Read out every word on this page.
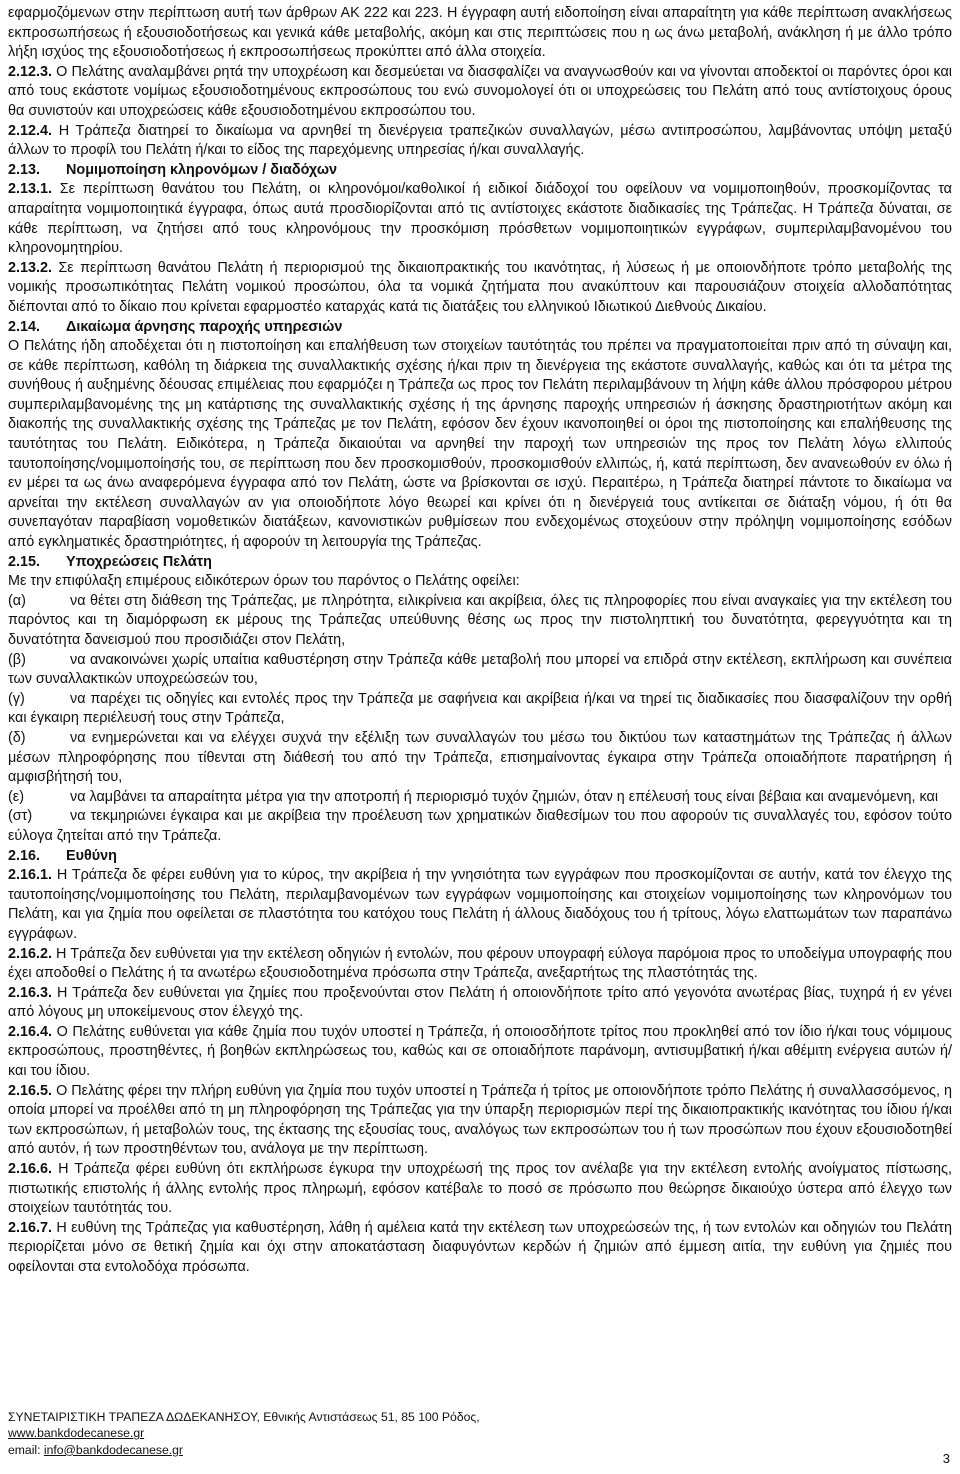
εφαρμοζόμενων στην περίπτωση αυτή των άρθρων ΑΚ 222 και 223. Η έγγραφη αυτή ειδοποίηση είναι απαραίτητη για κάθε περίπτωση ανακλήσεως εκπροσωπήσεως ή εξουσιοδοτήσεως και γενικά κάθε μεταβολής, ακόμη και στις περιπτώσεις που η ως άνω μεταβολή, ανάκληση ή με άλλο τρόπο λήξη ισχύος της εξουσιοδοτήσεως ή εκπροσωπήσεως προκύπτει από άλλα στοιχεία.

2.12.3. Ο Πελάτης αναλαμβάνει ρητά την υποχρέωση και δεσμεύεται να διασφαλίζει να αναγνωσθούν και να γίνονται αποδεκτοί οι παρόντες όροι και από τους εκάστοτε νομίμως εξουσιοδοτημένους εκπροσώπους του ενώ συνομολογεί ότι οι υποχρεώσεις του Πελάτη από τους αντίστοιχους όρους θα συνιστούν και υποχρεώσεις κάθε εξουσιοδοτημένου εκπροσώπου του.

2.12.4. Η Τράπεζα διατηρεί το δικαίωμα να αρνηθεί τη διενέργεια τραπεζικών συναλλαγών, μέσω αντιπροσώπου, λαμβάνοντας υπόψη μεταξύ άλλων το προφίλ του Πελάτη ή/και το είδος της παρεχόμενης υπηρεσίας ή/και συναλλαγής.

2.13. Νομιμοποίηση κληρονόμων / διαδόχων

2.13.1. Σε περίπτωση θανάτου του Πελάτη, οι κληρονόμοι/καθολικοί ή ειδικοί διάδοχοί του οφείλουν να νομιμοποιηθούν, προσκομίζοντας τα απαραίτητα νομιμοποιητικά έγγραφα, όπως αυτά προσδιορίζονται από τις αντίστοιχες εκάστοτε διαδικασίες της Τράπεζας. Η Τράπεζα δύναται, σε κάθε περίπτωση, να ζητήσει από τους κληρονόμους την προσκόμιση πρόσθετων νομιμοποιητικών εγγράφων, συμπεριλαμβανομένου του κληρονομητηρίου.

2.13.2. Σε περίπτωση θανάτου Πελάτη ή περιορισμού της δικαιοπρακτικής του ικανότητας, ή λύσεως ή με οποιονδήποτε τρόπο μεταβολής της νομικής προσωπικότητας Πελάτη νομικού προσώπου, όλα τα νομικά ζητήματα που ανακύπτουν και παρουσιάζουν στοιχεία αλλοδαπότητας διέπονται από το δίκαιο που κρίνεται εφαρμοστέο καταρχάς κατά τις διατάξεις του ελληνικού Ιδιωτικού Διεθνούς Δικαίου.

2.14. Δικαίωμα άρνησης παροχής υπηρεσιών

Ο Πελάτης ήδη αποδέχεται ότι η πιστοποίηση και επαλήθευση των στοιχείων ταυτότητάς του πρέπει να πραγματοποιείται πριν από τη σύναψη και, σε κάθε περίπτωση, καθόλη τη διάρκεια της συναλλακτικής σχέσης ή/και πριν τη διενέργεια της εκάστοτε συναλλαγής, καθώς και ότι τα μέτρα της συνήθους ή αυξημένης δέουσας επιμέλειας που εφαρμόζει η Τράπεζα ως προς τον Πελάτη περιλαμβάνουν τη λήψη κάθε άλλου πρόσφορου μέτρου συμπεριλαμβανομένης της μη κατάρτισης της συναλλακτικής σχέσης ή της άρνησης παροχής υπηρεσιών ή άσκησης δραστηριοτήτων ακόμη και διακοπής της συναλλακτικής σχέσης της Τράπεζας με τον Πελάτη, εφόσον δεν έχουν ικανοποιηθεί οι όροι της πιστοποίησης και επαλήθευσης της ταυτότητας του Πελάτη. Ειδικότερα, η Τράπεζα δικαιούται να αρνηθεί την παροχή των υπηρεσιών της προς τον Πελάτη λόγω ελλιπούς ταυτοποίησης/νομιμοποίησής του, σε περίπτωση που δεν προσκομισθούν, προσκομισθούν ελλιπώς, ή, κατά περίπτωση, δεν ανανεωθούν εν όλω ή εν μέρει τα ως άνω αναφερόμενα έγγραφα από τον Πελάτη, ώστε να βρίσκονται σε ισχύ. Περαιτέρω, η Τράπεζα διατηρεί πάντοτε το δικαίωμα να αρνείται την εκτέλεση συναλλαγών αν για οποιοδήποτε λόγο θεωρεί και κρίνει ότι η διενέργειά τους αντίκειται σε διάταξη νόμου, ή ότι θα συνεπαγόταν παραβίαση νομοθετικών διατάξεων, κανονιστικών ρυθμίσεων που ενδεχομένως στοχεύουν στην πρόληψη νομιμοποίησης εσόδων από εγκληματικές δραστηριότητες, ή αφορούν τη λειτουργία της Τράπεζας.

2.15. Υποχρεώσεις Πελάτη

Με την επιφύλαξη επιμέρους ειδικότερων όρων του παρόντος ο Πελάτης οφείλει:

(α)	να θέτει στη διάθεση της Τράπεζας, με πληρότητα, ειλικρίνεια και ακρίβεια, όλες τις πληροφορίες που είναι αναγκαίες για την εκτέλεση του παρόντος και τη διαμόρφωση εκ μέρους της Τράπεζας υπεύθυνης θέσης ως προς την πιστοληπτική του δυνατότητα, φερεγγυότητα και τη δυνατότητα δανεισμού που προσιδιάζει στον Πελάτη,

(β)	να ανακοινώνει χωρίς υπαίτια καθυστέρηση στην Τράπεζα κάθε μεταβολή που μπορεί να επιδρά στην εκτέλεση, εκπλήρωση και συνέπεια των συναλλακτικών υποχρεώσεών του,

(γ)	να παρέχει τις οδηγίες και εντολές προς την Τράπεζα με σαφήνεια και ακρίβεια ή/και να τηρεί τις διαδικασίες που διασφαλίζουν την ορθή και έγκαιρη περιέλευσή τους στην Τράπεζα,

(δ)	να ενημερώνεται και να ελέγχει συχνά την εξέλιξη των συναλλαγών του μέσω του δικτύου των καταστημάτων της Τράπεζας ή άλλων μέσων πληροφόρησης που τίθενται στη διάθεσή του από την Τράπεζα, επισημαίνοντας έγκαιρα στην Τράπεζα οποιαδήποτε παρατήρηση ή αμφισβήτησή του,

(ε)	να λαμβάνει τα απαραίτητα μέτρα για την αποτροπή ή περιορισμό τυχόν ζημιών, όταν η επέλευσή τους είναι βέβαια και αναμενόμενη, και

(στ)	να τεκμηριώνει έγκαιρα και με ακρίβεια την προέλευση των χρηματικών διαθεσίμων του που αφορούν τις συναλλαγές του, εφόσον τούτο εύλογα ζητείται από την Τράπεζα.

2.16. Ευθύνη

2.16.1. Η Τράπεζα δε φέρει ευθύνη για το κύρος, την ακρίβεια ή την γνησιότητα των εγγράφων που προσκομίζονται σε αυτήν, κατά τον έλεγχο της ταυτοποίησης/νομιμοποίησης του Πελάτη, περιλαμβανομένων των εγγράφων νομιμοποίησης και στοιχείων νομιμοποίησης των κληρονόμων του Πελάτη, και για ζημία που οφείλεται σε πλαστότητα του κατόχου τους Πελάτη ή άλλους διαδόχους του ή τρίτους, λόγω ελαττωμάτων των παραπάνω εγγράφων.

2.16.2. Η Τράπεζα δεν ευθύνεται για την εκτέλεση οδηγιών ή εντολών, που φέρουν υπογραφή εύλογα παρόμοια προς το υποδείγμα υπογραφής που έχει αποδοθεί ο Πελάτης ή τα ανωτέρω εξουσιοδοτημένα πρόσωπα στην Τράπεζα, ανεξαρτήτως της πλαστότητάς της.

2.16.3. Η Τράπεζα δεν ευθύνεται για ζημίες που προξενούνται στον Πελάτη ή οποιονδήποτε τρίτο από γεγονότα ανωτέρας βίας, τυχηρά ή εν γένει από λόγους μη υποκείμενους στον έλεγχό της.

2.16.4. Ο Πελάτης ευθύνεται για κάθε ζημία που τυχόν υποστεί η Τράπεζα, ή οποιοσδήποτε τρίτος που προκληθεί από τον ίδιο ή/και τους νόμιμους εκπροσώπους, προστηθέντες, ή βοηθών εκπληρώσεως του, καθώς και σε οποιαδήποτε παράνομη, αντισυμβατική ή/και αθέμιτη ενέργεια αυτών ή/και του ίδιου.

2.16.5. Ο Πελάτης φέρει την πλήρη ευθύνη για ζημία που τυχόν υποστεί η Τράπεζα ή τρίτος με οποιονδήποτε τρόπο Πελάτης ή συναλλασσόμενος, η οποία μπορεί να προέλθει από τη μη πληροφόρηση της Τράπεζας για την ύπαρξη περιορισμών περί της δικαιοπρακτικής ικανότητας του ίδιου ή/και των εκπροσώπων, ή μεταβολών τους, της έκτασης της εξουσίας τους, αναλόγως των εκπροσώπων του ή των προσώπων που έχουν εξουσιοδοτηθεί από αυτόν, ή των προστηθέντων του, ανάλογα με την περίπτωση.

2.16.6. Η Τράπεζα φέρει ευθύνη ότι εκπλήρωσε έγκυρα την υποχρέωσή της προς τον ανέλαβε για την εκτέλεση εντολής ανοίγματος πίστωσης, πιστωτικής επιστολής ή άλλης εντολής προς πληρωμή, εφόσον κατέβαλε το ποσό σε πρόσωπο που θεώρησε δικαιούχο ύστερα από έλεγχο των στοιχείων ταυτότητάς του.

2.16.7. Η ευθύνη της Τράπεζας για καθυστέρηση, λάθη ή αμέλεια κατά την εκτέλεση των υποχρεώσεών της, ή των εντολών και οδηγιών του Πελάτη περιορίζεται μόνο σε θετική ζημία και όχι στην αποκατάσταση διαφυγόντων κερδών ή ζημιών από έμμεση αιτία, την ευθύνη για ζημιές που οφείλονται στα εντολοδόχα πρόσωπα.

ΣΥΝΕΤΑΙΡΙΣΤΙΚΗ ΤΡΑΠΕΖΑ ΔΩΔΕΚΑΝΗΣΟΥ, Εθνικής Αντιστάσεως 51, 85 100 Ρόδος,
www.bankdodecanese.gr
email: info@bankdodecanese.gr
3
